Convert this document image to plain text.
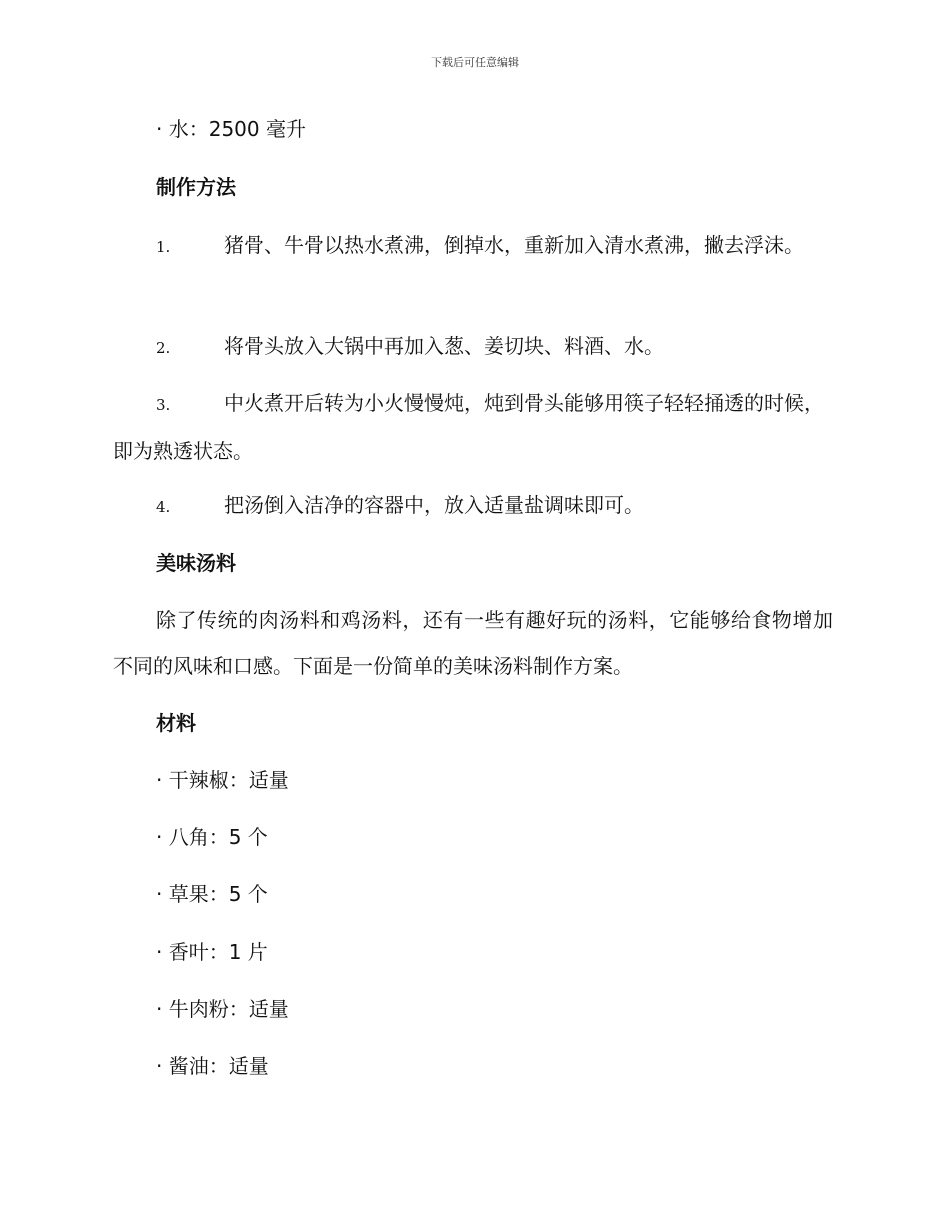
下载后可任意编辑
· 水：2500 毫升
制作方法
1.	猪骨、牛骨以热水煮沸，倒掉水，重新加入清水煮沸，撇去浮沫。
2.	将骨头放入大锅中再加入葱、姜切块、料酒、水。
3.	中火煮开后转为小火慢慢炖，炖到骨头能够用筷子轻轻捅透的时候，即为熟透状态。
4.	把汤倒入洁净的容器中，放入适量盐调味即可。
美味汤料
除了传统的肉汤料和鸡汤料，还有一些有趣好玩的汤料，它能够给食物增加不同的风味和口感。下面是一份简单的美味汤料制作方案。
材料
· 干辣椒：适量
· 八角：5 个
· 草果：5 个
· 香叶：1 片
· 牛肉粉：适量
· 酱油：适量
